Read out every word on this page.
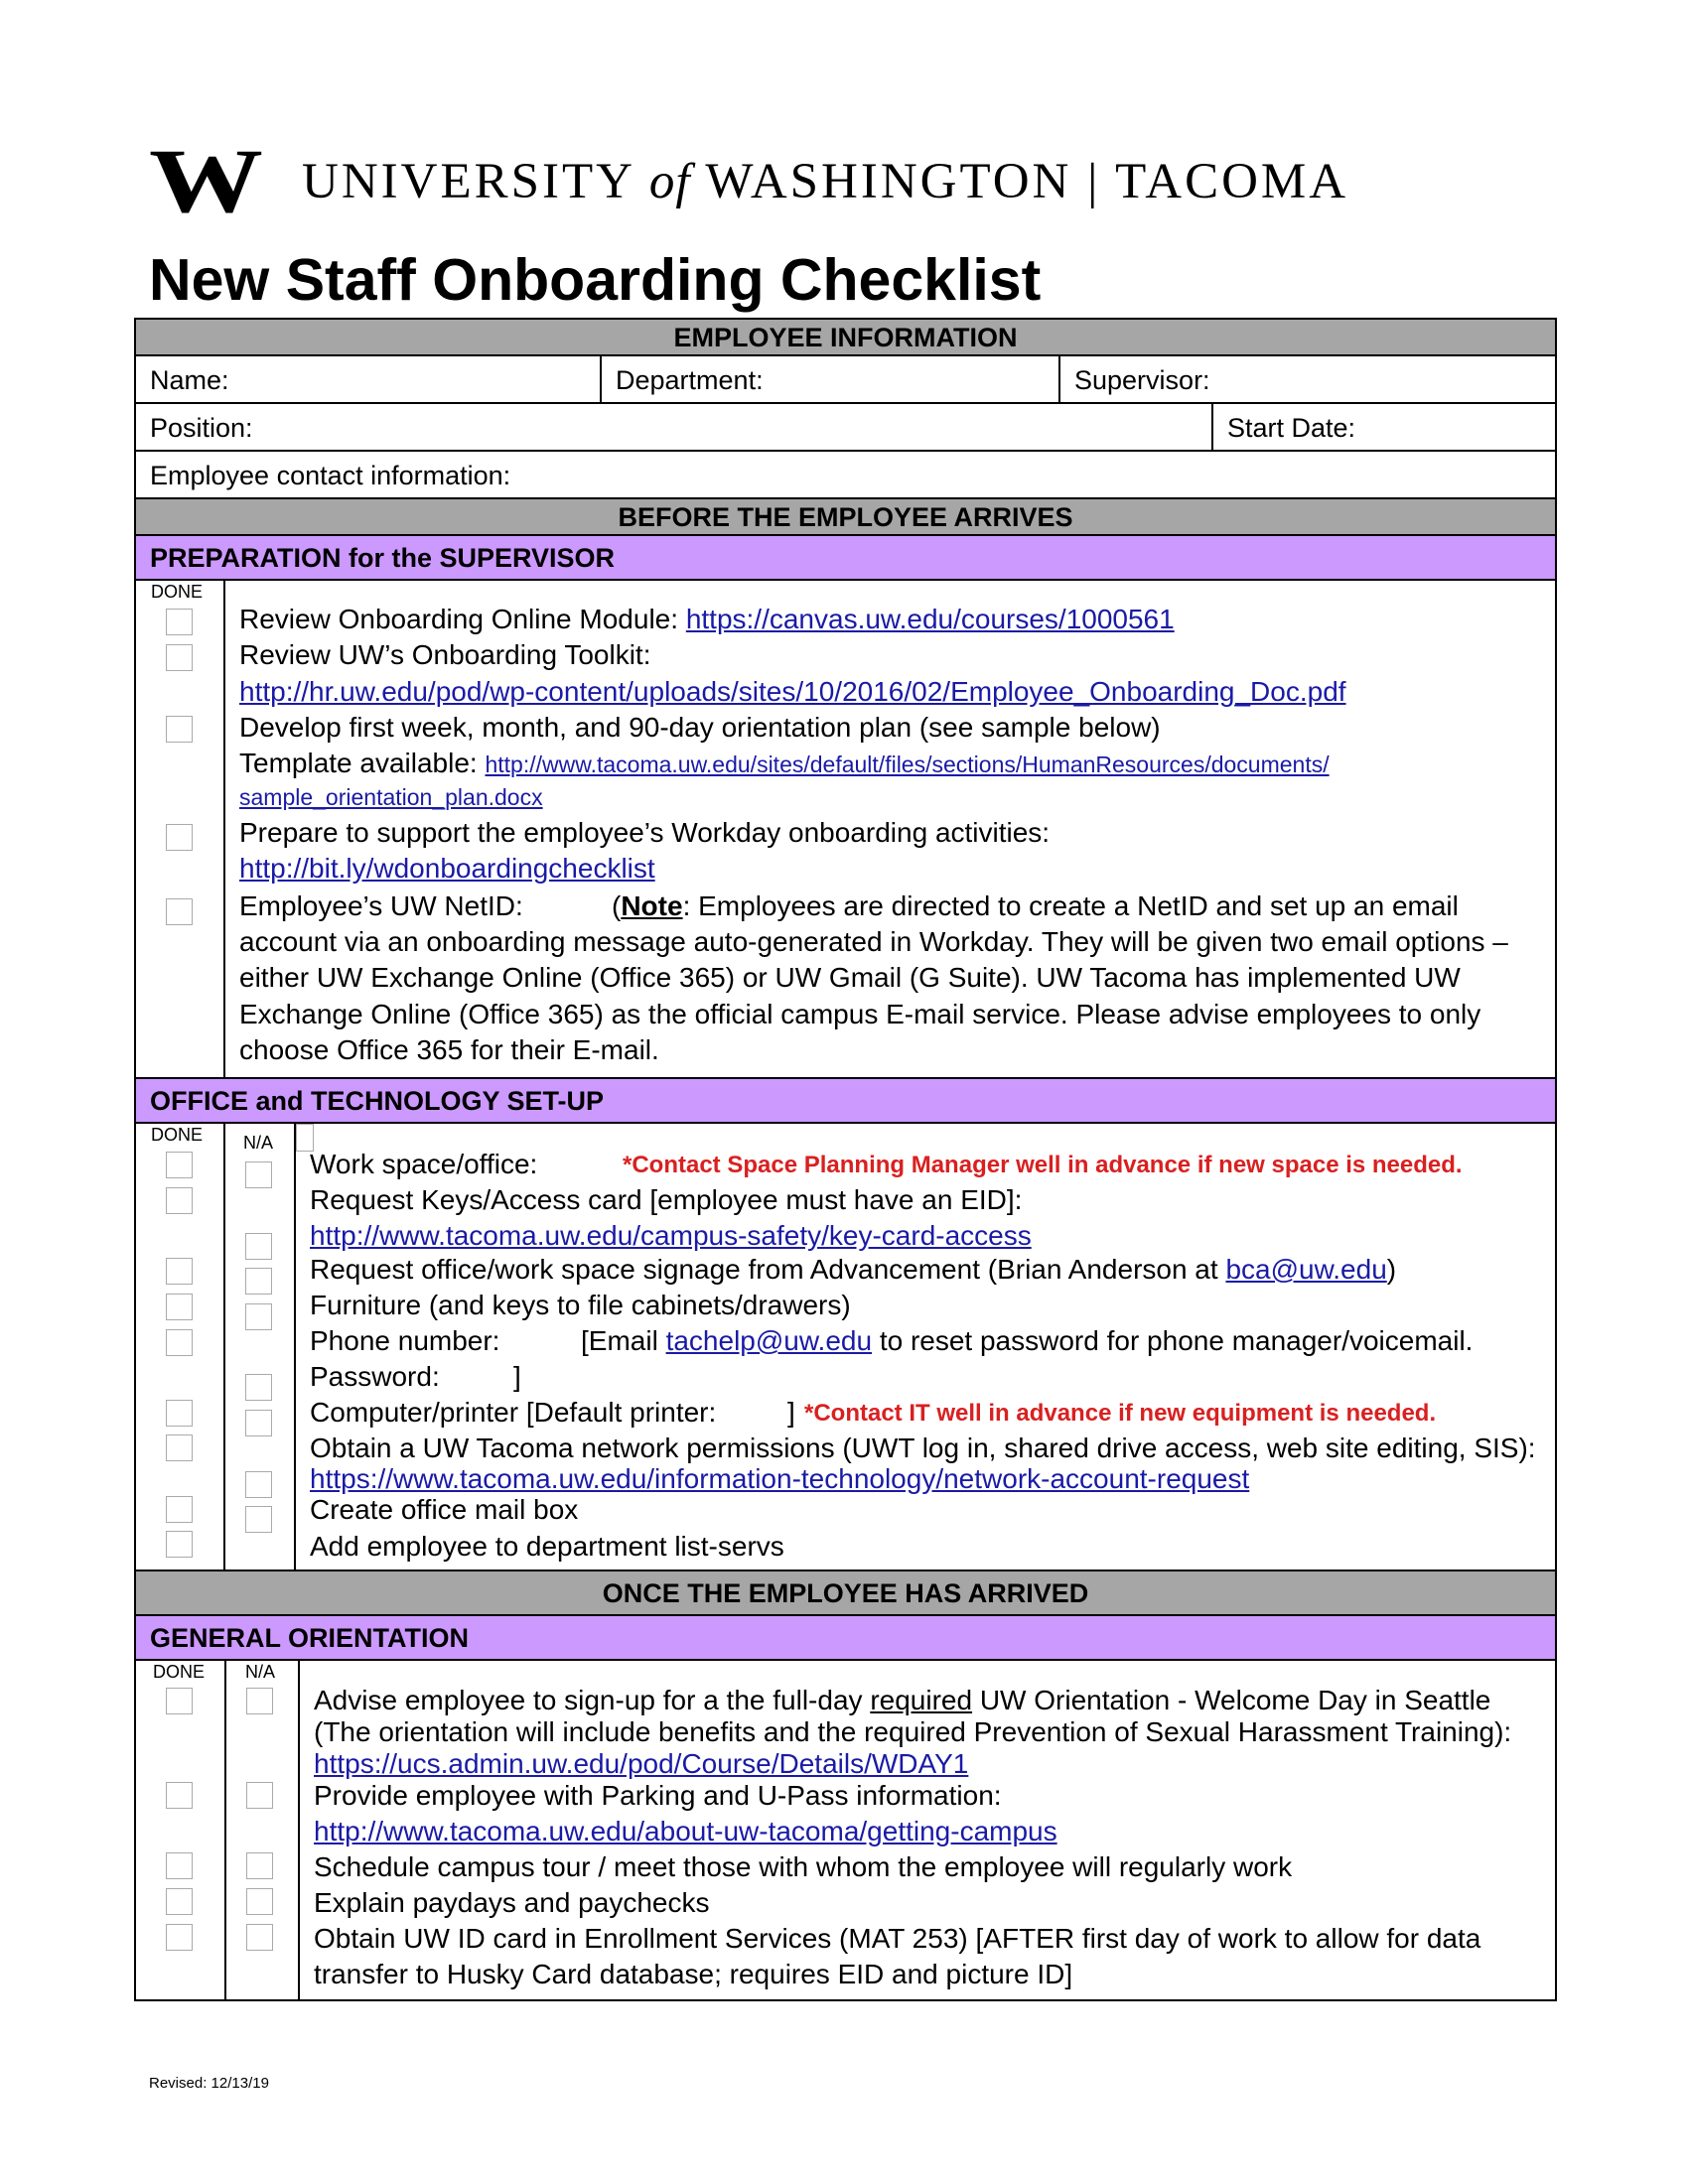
W UNIVERSITY of WASHINGTON | TACOMA
New Staff Onboarding Checklist
EMPLOYEE INFORMATION
Name:	Department:	Supervisor:
Position:	Start Date:
Employee contact information:
BEFORE THE EMPLOYEE ARRIVES
PREPARATION for the SUPERVISOR
DONE
Review Onboarding Online Module: https://canvas.uw.edu/courses/1000561
Review UW’s Onboarding Toolkit:
http://hr.uw.edu/pod/wp-content/uploads/sites/10/2016/02/Employee_Onboarding_Doc.pdf
Develop first week, month, and 90-day orientation plan (see sample below)
Template available: http://www.tacoma.uw.edu/sites/default/files/sections/HumanResources/documents/
sample_orientation_plan.docx
Prepare to support the employee’s Workday onboarding activities:
http://bit.ly/wdonboardingchecklist
Employee’s UW NetID:	(Note: Employees are directed to create a NetID and set up an email
account via an onboarding message auto-generated in Workday. They will be given two email options –
either UW Exchange Online (Office 365) or UW Gmail (G Suite). UW Tacoma has implemented UW
Exchange Online (Office 365) as the official campus E-mail service. Please advise employees to only
choose Office 365 for their E-mail.
OFFICE and TECHNOLOGY SET-UP
DONE N/A
Work space/office:	*Contact Space Planning Manager well in advance if new space is needed.
Request Keys/Access card [employee must have an EID]:
http://www.tacoma.uw.edu/campus-safety/key-card-access
Request office/work space signage from Advancement (Brian Anderson at bca@uw.edu)
Furniture (and keys to file cabinets/drawers)
Phone number:	[Email tachelp@uw.edu to reset password for phone manager/voicemail.
Password:	]
Computer/printer [Default printer:	] *Contact IT well in advance if new equipment is needed.
Obtain a UW Tacoma network permissions (UWT log in, shared drive access, web site editing, SIS):
https://www.tacoma.uw.edu/information-technology/network-account-request
Create office mail box
Add employee to department list-servs
ONCE THE EMPLOYEE HAS ARRIVED
GENERAL ORIENTATION
DONE N/A
Advise employee to sign-up for a the full-day required UW Orientation - Welcome Day in Seattle
(The orientation will include benefits and the required Prevention of Sexual Harassment Training):
https://ucs.admin.uw.edu/pod/Course/Details/WDAY1
Provide employee with Parking and U-Pass information:
http://www.tacoma.uw.edu/about-uw-tacoma/getting-campus
Schedule campus tour / meet those with whom the employee will regularly work
Explain paydays and paychecks
Obtain UW ID card in Enrollment Services (MAT 253) [AFTER first day of work to allow for data
transfer to Husky Card database; requires EID and picture ID]
Revised: 12/13/19
